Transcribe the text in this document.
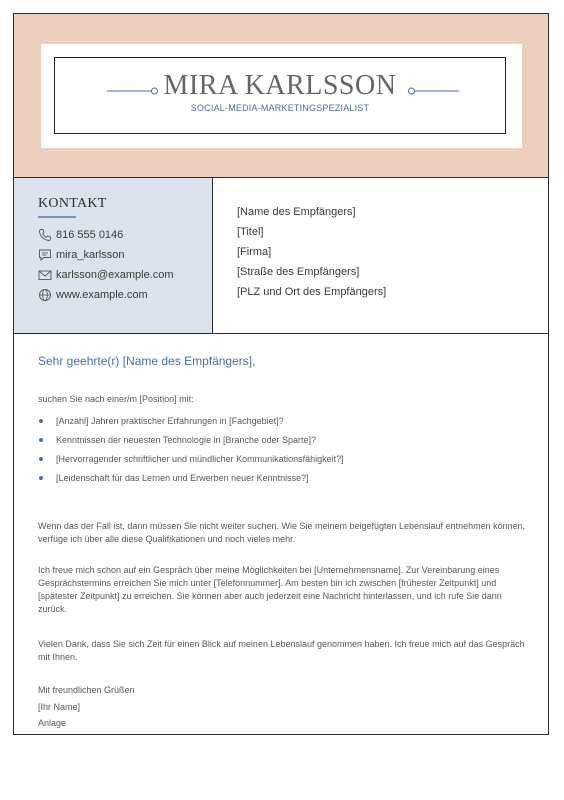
MIRA KARLSSON
SOCIAL-MEDIA-MARKETINGSPEZIALIST
KONTAKT
816 555 0146
mira_karlsson
karlsson@example.com
www.example.com
[Name des Empfängers]
[Titel]
[Firma]
[Straße des Empfängers]
[PLZ und Ort des Empfängers]
Sehr geehrte(r) [Name des Empfängers],
suchen Sie nach einer/m [Position] mit:
[Anzahl] Jahren praktischer Erfahrungen in [Fachgebiet]?
Kenntnissen der neuesten Technologie in [Branche oder Sparte]?
[Hervorragender schriftlicher und mündlicher Kommunikationsfähigkeit?]
[Leidenschaft für das Lernen und Erwerben neuer Kenntnisse?]
Wenn das der Fall ist, dann müssen Sie nicht weiter suchen. Wie Sie meinem beigefügten Lebenslauf entnehmen können, verfüge ich über alle diese Qualifikationen und noch vieles mehr.
Ich freue mich schon auf ein Gespräch über meine Möglichkeiten bei [Unternehmensname]. Zur Vereinbarung eines Gesprächstermins erreichen Sie mich unter [Telefonnummer]. Am besten bin ich zwischen [frühester Zeitpunkt] und [spätester Zeitpunkt] zu erreichen. Sie können aber auch jederzeit eine Nachricht hinterlassen, und ich rufe Sie dann zurück.
Vielen Dank, dass Sie sich Zeit für einen Blick auf meinen Lebenslauf genommen haben. Ich freue mich auf das Gespräch mit Ihnen.
Mit freundlichen Grüßen
[Ihr Name]
Anlage
